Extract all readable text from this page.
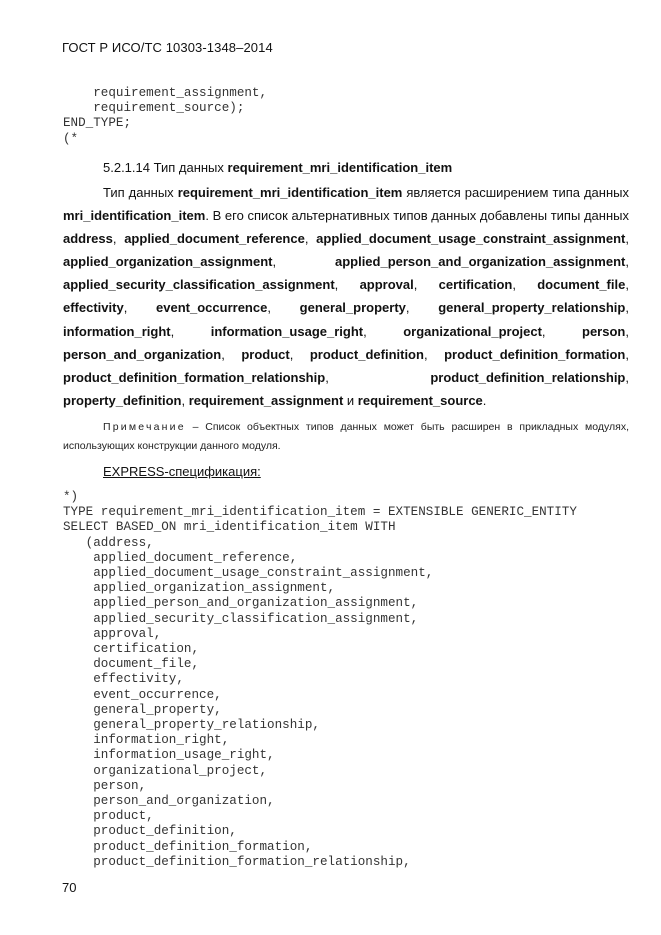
ГОСТ Р ИСО/ТС 10303-1348–2014
requirement_assignment,
requirement_source);
END_TYPE;
(*
5.2.1.14 Тип данных requirement_mri_identification_item
Тип данных requirement_mri_identification_item является расширением типа данных mri_identification_item. В его список альтернативных типов данных добавлены типы данных address, applied_document_reference, applied_document_usage_constraint_assignment, applied_organization_assignment, applied_person_and_organization_assignment, applied_security_classification_assignment, approval, certification, document_file, effectivity, event_occurrence, general_property, general_property_relationship, information_right, information_usage_right, organizational_project, person, person_and_organization, product, product_definition, product_definition_formation, product_definition_formation_relationship, product_definition_relationship, property_definition, requirement_assignment и requirement_source.
Примечание – Список объектных типов данных может быть расширен в прикладных модулях, использующих конструкции данного модуля.
EXPRESS-спецификация:
*)
TYPE requirement_mri_identification_item = EXTENSIBLE GENERIC_ENTITY
SELECT BASED_ON mri_identification_item WITH
(address,
applied_document_reference,
applied_document_usage_constraint_assignment,
applied_organization_assignment,
applied_person_and_organization_assignment,
applied_security_classification_assignment,
approval,
certification,
document_file,
effectivity,
event_occurrence,
general_property,
general_property_relationship,
information_right,
information_usage_right,
organizational_project,
person,
person_and_organization,
product,
product_definition,
product_definition_formation,
product_definition_formation_relationship,
70
